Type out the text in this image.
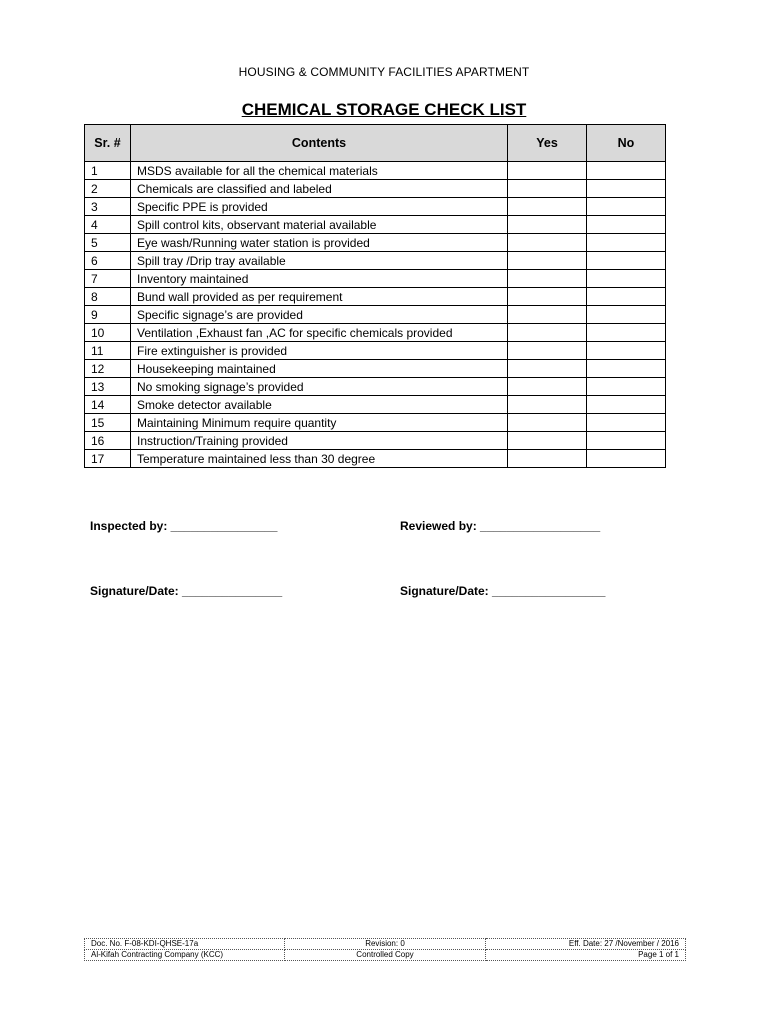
HOUSING & COMMUNITY FACILITIES APARTMENT
CHEMICAL STORAGE CHECK LIST
Sr. #	Contents	Yes	No
1	MSDS available for all the chemical materials		
2	Chemicals are classified and labeled		
3	Specific PPE is provided		
4	Spill control kits, observant material available		
5	Eye wash/Running water station is provided		
6	Spill tray /Drip tray available		
7	Inventory maintained		
8	Bund wall provided as per requirement		
9	Specific signage’s are provided		
10	Ventilation ,Exhaust fan ,AC for specific chemicals provided		
11	Fire extinguisher is provided		
12	Housekeeping maintained		
13	No smoking signage’s provided		
14	Smoke detector available		
15	Maintaining Minimum require quantity		
16	Instruction/Training provided		
17	Temperature maintained less than 30 degree		
Inspected by: ________________	Reviewed by: __________________
Signature/Date: _______________	Signature/Date: _________________
Doc. No. F-08-KDI-QHSE-17a	Revision: 0	Eff. Date: 27 /November / 2016
Al-Kifah Contracting Company (KCC)	Controlled Copy	Page 1 of 1
